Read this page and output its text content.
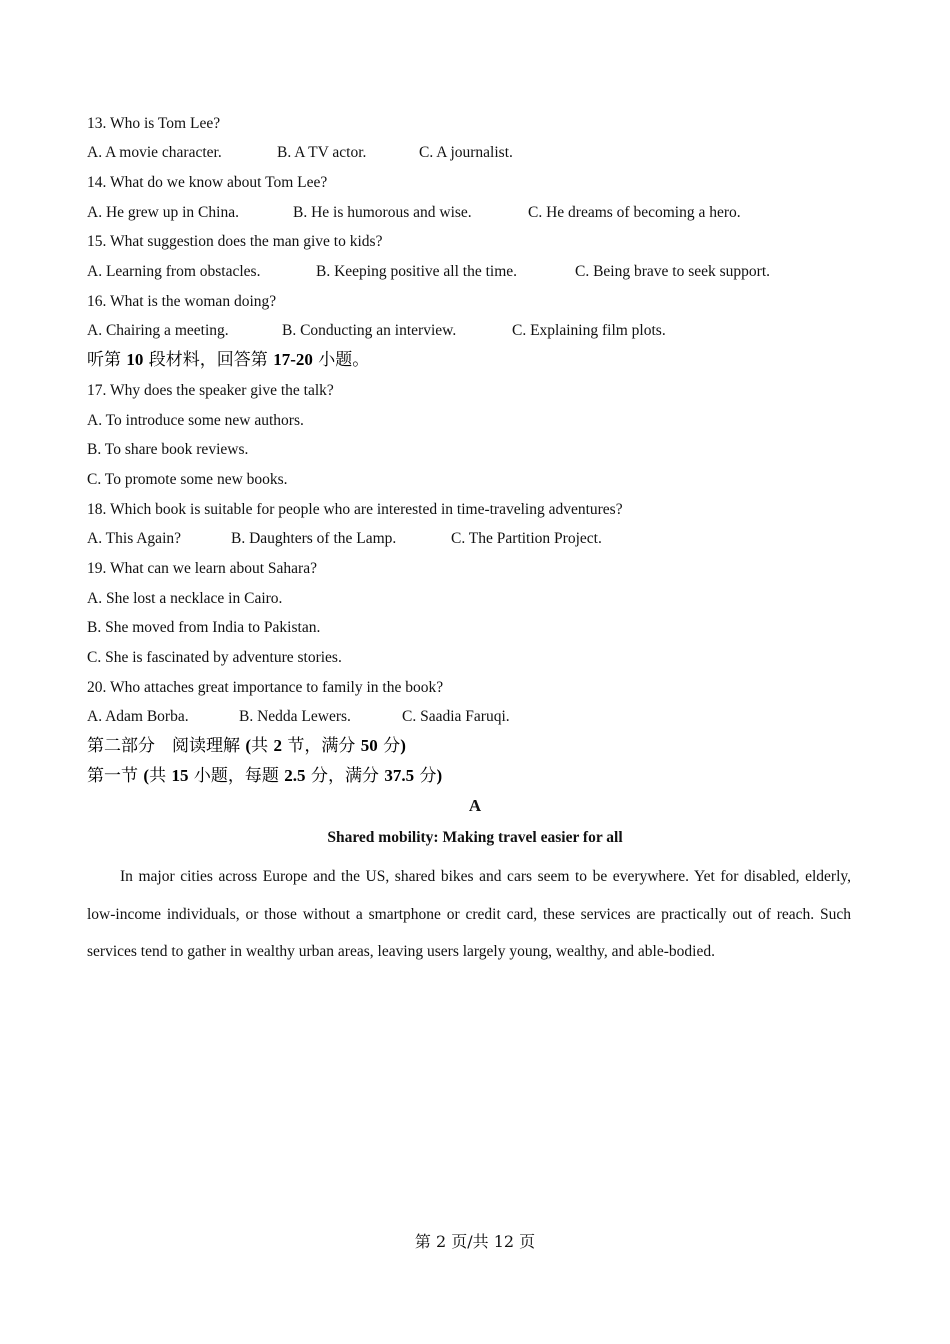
13. Who is Tom Lee?
A. A movie character.	B. A TV actor.	C. A journalist.
14. What do we know about Tom Lee?
A. He grew up in China.	B. He is humorous and wise.	C. He dreams of becoming a hero.
15. What suggestion does the man give to kids?
A. Learning from obstacles.	B. Keeping positive all the time.	C. Being brave to seek support.
16. What is the woman doing?
A. Chairing a meeting.	B. Conducting an interview.	C. Explaining film plots.
听第 10 段材料，回答第 17-20 小题。
17. Why does the speaker give the talk?
A. To introduce some new authors.
B. To share book reviews.
C. To promote some new books.
18. Which book is suitable for people who are interested in time-traveling adventures?
A. This Again?	B. Daughters of the Lamp.	C. The Partition Project.
19. What can we learn about Sahara?
A. She lost a necklace in Cairo.
B. She moved from India to Pakistan.
C. She is fascinated by adventure stories.
20. Who attaches great importance to family in the book?
A. Adam Borba.	B. Nedda Lewers.	C. Saadia Faruqi.
第二部分　阅读理解 (共 2 节，满分 50 分)
第一节 (共 15 小题，每题 2.5 分，满分 37.5 分)
A
Shared mobility: Making travel easier for all
In major cities across Europe and the US, shared bikes and cars seem to be everywhere. Yet for disabled, elderly, low-income individuals, or those without a smartphone or credit card, these services are practically out of reach. Such services tend to gather in wealthy urban areas, leaving users largely young, wealthy, and able-bodied.
第 2 页/共 12 页
